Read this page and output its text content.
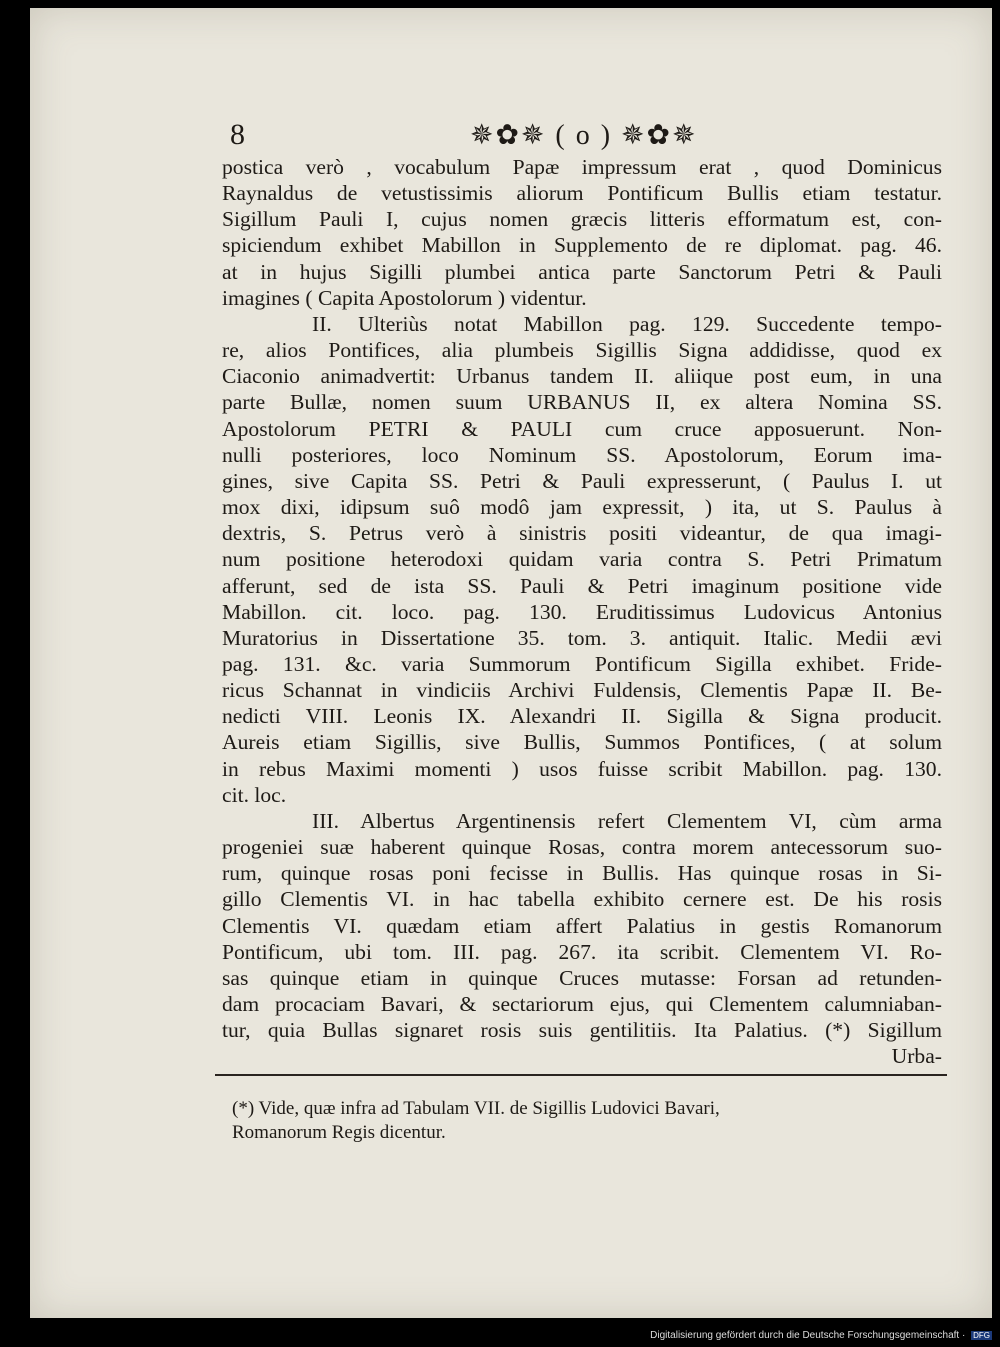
8	✵✿✵ ( o ) ✵✿✵
postica verò , vocabulum Papæ impressum erat , quod Dominicus
Raynaldus de vetustissimis aliorum Pontificum Bullis etiam testatur.
Sigillum Pauli I, cujus nomen græcis litteris efformatum est, con-
spiciendum exhibet Mabillon in Supplemento de re diplomat. pag. 46.
at in hujus Sigilli plumbei antica parte Sanctorum Petri & Pauli
imagines ( Capita Apostolorum ) videntur.
II. Ulteriùs notat Mabillon pag. 129. Succedente tempo-
re, alios Pontifices, alia plumbeis Sigillis Signa addidisse, quod ex
Ciaconio animadvertit: Urbanus tandem II. aliique post eum, in una
parte Bullæ, nomen suum URBANUS II, ex altera Nomina SS.
Apostolorum PETRI & PAULI cum cruce apposuerunt. Non-
nulli posteriores, loco Nominum SS. Apostolorum, Eorum ima-
gines, sive Capita SS. Petri & Pauli expresserunt, ( Paulus I. ut
mox dixi, idipsum suô modô jam expressit, ) ita, ut S. Paulus à
dextris, S. Petrus verò à sinistris positi videantur, de qua imagi-
num positione heterodoxi quidam varia contra S. Petri Primatum
afferunt, sed de ista SS. Pauli & Petri imaginum positione vide
Mabillon. cit. loco. pag. 130. Eruditissimus Ludovicus Antonius
Muratorius in Dissertatione 35. tom. 3. antiquit. Italic. Medii ævi
pag. 131. &c. varia Summorum Pontificum Sigilla exhibet. Fride-
ricus Schannat in vindiciis Archivi Fuldensis, Clementis Papæ II. Be-
nedicti VIII. Leonis IX. Alexandri II. Sigilla & Signa producit.
Aureis etiam Sigillis, sive Bullis, Summos Pontifices, ( at solum
in rebus Maximi momenti ) usos fuisse scribit Mabillon. pag. 130.
cit. loc.
III. Albertus Argentinensis refert Clementem VI, cùm arma
progeniei suæ haberent quinque Rosas, contra morem antecessorum suo-
rum, quinque rosas poni fecisse in Bullis. Has quinque rosas in Si-
gillo Clementis VI. in hac tabella exhibito cernere est. De his rosis
Clementis VI. quædam etiam affert Palatius in gestis Romanorum
Pontificum, ubi tom. III. pag. 267. ita scribit. Clementem VI. Ro-
sas quinque etiam in quinque Cruces mutasse: Forsan ad retunden-
dam procaciam Bavari, & sectariorum ejus, qui Clementem calumniaban-
tur, quia Bullas signaret rosis suis gentilitiis. Ita Palatius. (*) Sigillum
Urba-
(*) Vide, quæ infra ad Tabulam VII. de Sigillis Ludovici Bavari,
Romanorum Regis dicentur.
Digitalisierung gefördert durch die Deutsche Forschungsgemeinschaft · DFG
